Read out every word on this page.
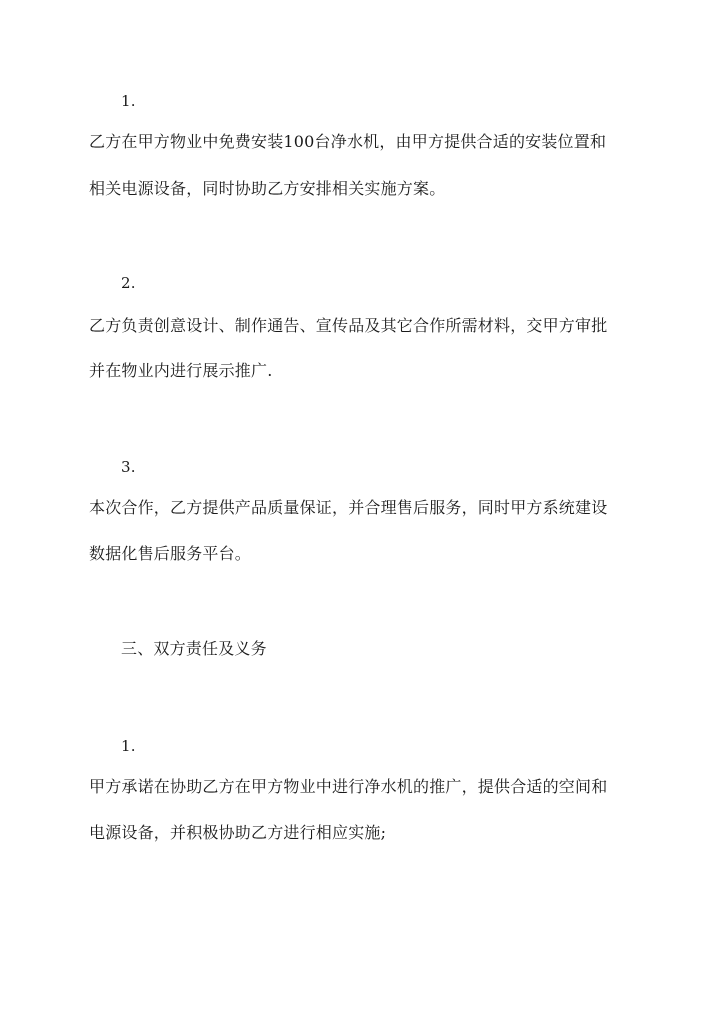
1.
乙方在甲方物业中免费安装100台净水机，由甲方提供合适的安装位置和
相关电源设备，同时协助乙方安排相关实施方案。
2.
乙方负责创意设计、制作通告、宣传品及其它合作所需材料，交甲方审批
并在物业内进行展示推广.
3.
本次合作，乙方提供产品质量保证，并合理售后服务，同时甲方系统建设
数据化售后服务平台。
三、双方责任及义务
1.
甲方承诺在协助乙方在甲方物业中进行净水机的推广，提供合适的空间和
电源设备，并积极协助乙方进行相应实施;
